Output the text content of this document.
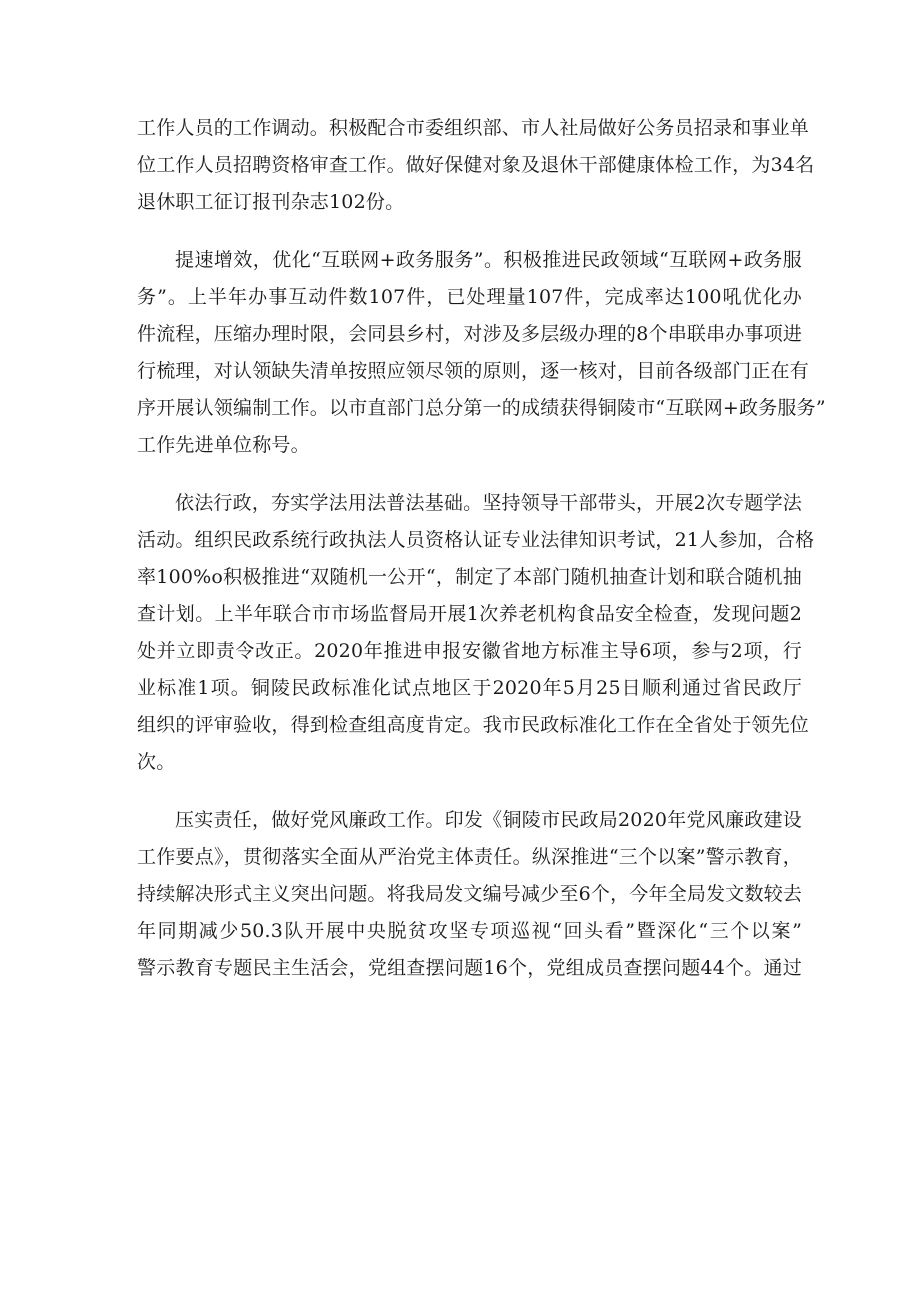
工作人员的工作调动。积极配合市委组织部、市人社局做好公务员招录和事业单
位工作人员招聘资格审查工作。做好保健对象及退休干部健康体检工作，为34名
退休职工征订报刊杂志102份。
提速增效，优化“互联网+政务服务”。积极推进民政领域“互联网+政务服
务”。上半年办事互动件数107件，已处理量107件，完成率达100吼优化办
件流程，压缩办理时限，会同县乡村，对涉及多层级办理的8个串联串办事项进
行梳理，对认领缺失清单按照应领尽领的原则，逐一核对，目前各级部门正在有
序开展认领编制工作。以市直部门总分第一的成绩获得铜陵市“互联网+政务服务”
工作先进单位称号。
依法行政，夯实学法用法普法基础。坚持领导干部带头，开展2次专题学法
活动。组织民政系统行政执法人员资格认证专业法律知识考试，21人参加，合格
率100%o积极推进“双随机一公开“，制定了本部门随机抽查计划和联合随机抽
查计划。上半年联合市市场监督局开展1次养老机构食品安全检查，发现问题2
处并立即责令改正。2020年推进申报安徽省地方标准主导6项，参与2项，行
业标准1项。铜陵民政标准化试点地区于2020年5月25日顺利通过省民政厅
组织的评审验收，得到检查组高度肯定。我市民政标准化工作在全省处于领先位
次。
压实责任，做好党风廉政工作。印发《铜陵市民政局2020年党风廉政建设
工作要点》，贯彻落实全面从严治党主体责任。纵深推进“三个以案”警示教育，
持续解决形式主义突出问题。将我局发文编号减少至6个，今年全局发文数较去
年同期减少50.3队开展中央脱贫攻坚专项巡视“回头看”暨深化“三个以案”
警示教育专题民主生活会，党组查摆问题16个，党组成员查摆问题44个。通过
